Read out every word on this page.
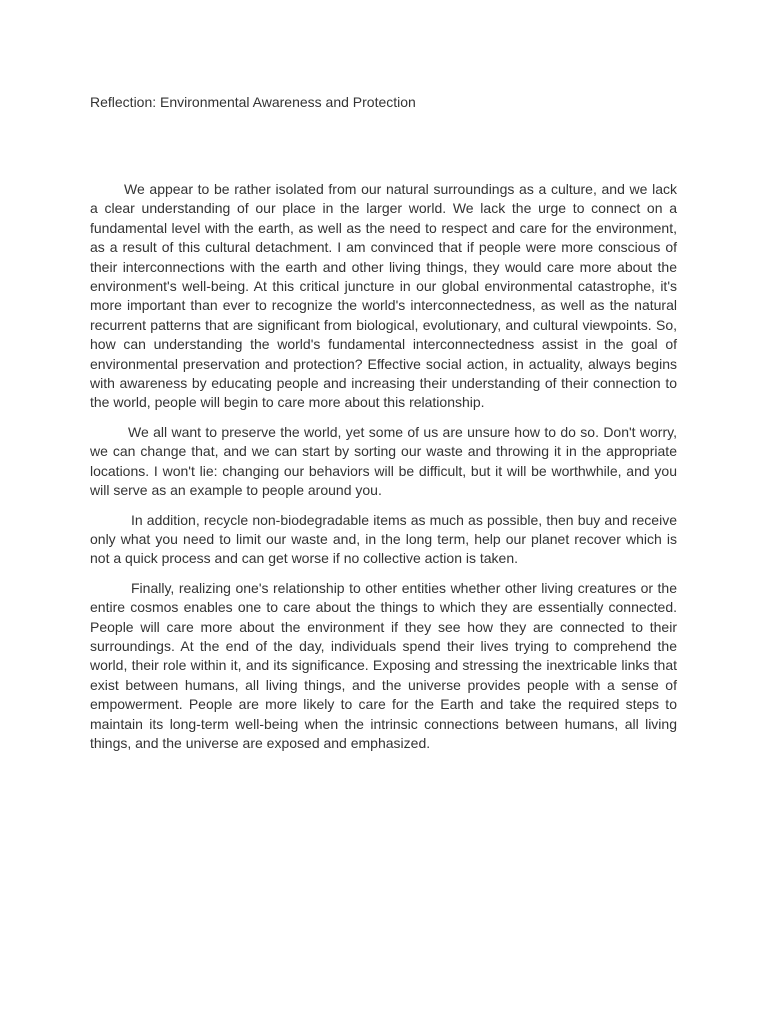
Reflection: Environmental Awareness and Protection

We appear to be rather isolated from our natural surroundings as a culture, and we lack a clear understanding of our place in the larger world. We lack the urge to connect on a fundamental level with the earth, as well as the need to respect and care for the environment, as a result of this cultural detachment. I am convinced that if people were more conscious of their interconnections with the earth and other living things, they would care more about the environment's well-being. At this critical juncture in our global environmental catastrophe, it's more important than ever to recognize the world's interconnectedness, as well as the natural recurrent patterns that are significant from biological, evolutionary, and cultural viewpoints. So, how can understanding the world's fundamental interconnectedness assist in the goal of environmental preservation and protection? Effective social action, in actuality, always begins with awareness by educating people and increasing their understanding of their connection to the world, people will begin to care more about this relationship.

We all want to preserve the world, yet some of us are unsure how to do so. Don't worry, we can change that, and we can start by sorting our waste and throwing it in the appropriate locations. I won't lie: changing our behaviors will be difficult, but it will be worthwhile, and you will serve as an example to people around you.

In addition, recycle non-biodegradable items as much as possible, then buy and receive only what you need to limit our waste and, in the long term, help our planet recover which is not a quick process and can get worse if no collective action is taken.

Finally, realizing one's relationship to other entities whether other living creatures or the entire cosmos enables one to care about the things to which they are essentially connected. People will care more about the environment if they see how they are connected to their surroundings. At the end of the day, individuals spend their lives trying to comprehend the world, their role within it, and its significance. Exposing and stressing the inextricable links that exist between humans, all living things, and the universe provides people with a sense of empowerment. People are more likely to care for the Earth and take the required steps to maintain its long-term well-being when the intrinsic connections between humans, all living things, and the universe are exposed and emphasized.
